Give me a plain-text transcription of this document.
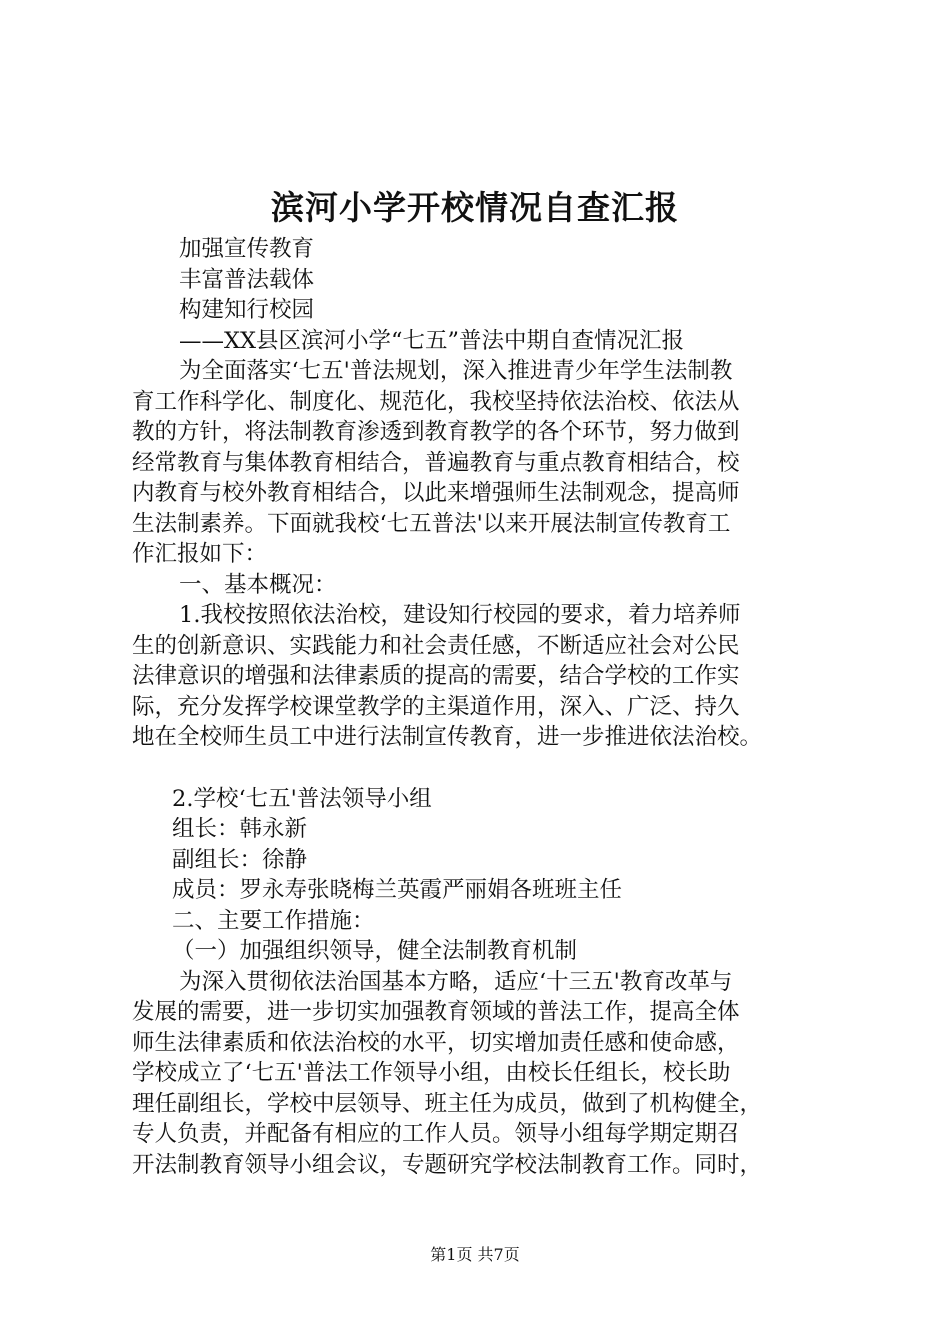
滨河小学开校情况自查汇报

加强宣传教育

丰富普法载体

构建知行校园

——XX县区滨河小学“七五”普法中期自查情况汇报

为全面落实‘七五'普法规划，深入推进青少年学生法制教

育工作科学化、制度化、规范化，我校坚持依法治校、依法从

教的方针，将法制教育渗透到教育教学的各个环节，努力做到

经常教育与集体教育相结合，普遍教育与重点教育相结合，校

内教育与校外教育相结合，以此来增强师生法制观念，提高师

生法制素养。下面就我校‘七五普法'以来开展法制宣传教育工

作汇报如下：

一、基本概况：

1.我校按照依法治校，建设知行校园的要求，着力培养师

生的创新意识、实践能力和社会责任感，不断适应社会对公民

法律意识的增强和法律素质的提高的需要，结合学校的工作实

际，充分发挥学校课堂教学的主渠道作用，深入、广泛、持久

地在全校师生员工中进行法制宣传教育，进一步推进依法治校。

2.学校‘七五'普法领导小组

组长：韩永新

副组长：徐静

成员：罗永寿张晓梅兰英霞严丽娟各班班主任

二、主要工作措施：

（一）加强组织领导，健全法制教育机制

为深入贯彻依法治国基本方略，适应‘十三五'教育改革与

发展的需要，进一步切实加强教育领域的普法工作，提高全体

师生法律素质和依法治校的水平，切实增加责任感和使命感，

学校成立了‘七五'普法工作领导小组，由校长任组长，校长助

理任副组长，学校中层领导、班主任为成员，做到了机构健全，

专人负责，并配备有相应的工作人员。领导小组每学期定期召

开法制教育领导小组会议，专题研究学校法制教育工作。同时，

第1页 共7页
